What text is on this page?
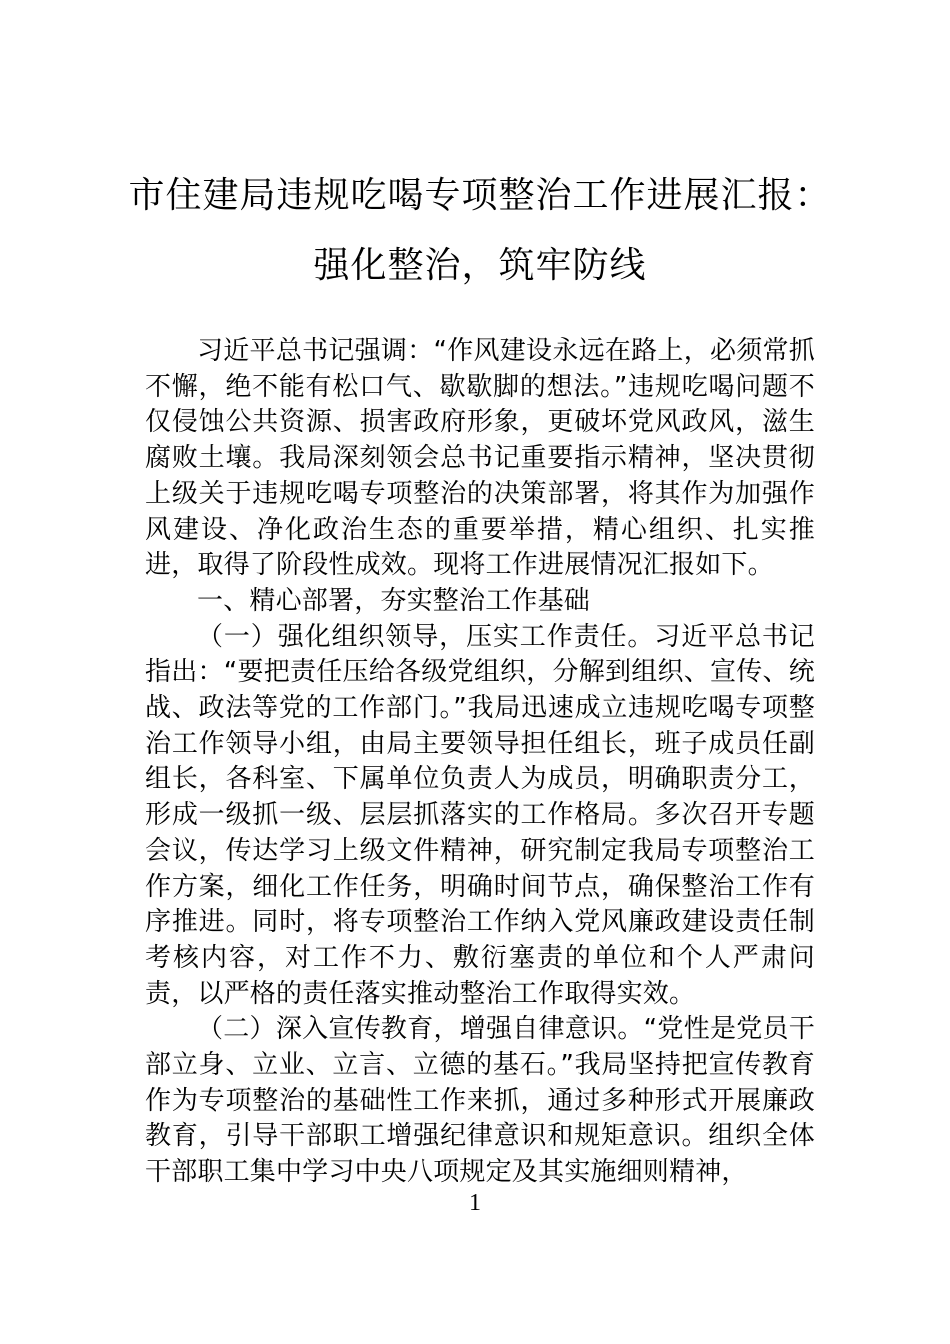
市住建局违规吃喝专项整治工作进展汇报：
强化整治，筑牢防线

习近平总书记强调：“作风建设永远在路上，必须常抓不懈，绝不能有松口气、歇歇脚的想法。”违规吃喝问题不仅侵蚀公共资源、损害政府形象，更破坏党风政风，滋生腐败土壤。我局深刻领会总书记重要指示精神，坚决贯彻上级关于违规吃喝专项整治的决策部署，将其作为加强作风建设、净化政治生态的重要举措，精心组织、扎实推进，取得了阶段性成效。现将工作进展情况汇报如下。

一、精心部署，夯实整治工作基础

（一）强化组织领导，压实工作责任。习近平总书记指出：“要把责任压给各级党组织，分解到组织、宣传、统战、政法等党的工作部门。”我局迅速成立违规吃喝专项整治工作领导小组，由局主要领导担任组长，班子成员任副组长，各科室、下属单位负责人为成员，明确职责分工，形成一级抓一级、层层抓落实的工作格局。多次召开专题会议，传达学习上级文件精神，研究制定我局专项整治工作方案，细化工作任务，明确时间节点，确保整治工作有序推进。同时，将专项整治工作纳入党风廉政建设责任制考核内容，对工作不力、敷衍塞责的单位和个人严肃问责，以严格的责任落实推动整治工作取得实效。

（二）深入宣传教育，增强自律意识。“党性是党员干部立身、立业、立言、立德的基石。”我局坚持把宣传教育作为专项整治的基础性工作来抓，通过多种形式开展廉政教育，引导干部职工增强纪律意识和规矩意识。组织全体干部职工集中学习中央八项规定及其实施细则精神，

1
